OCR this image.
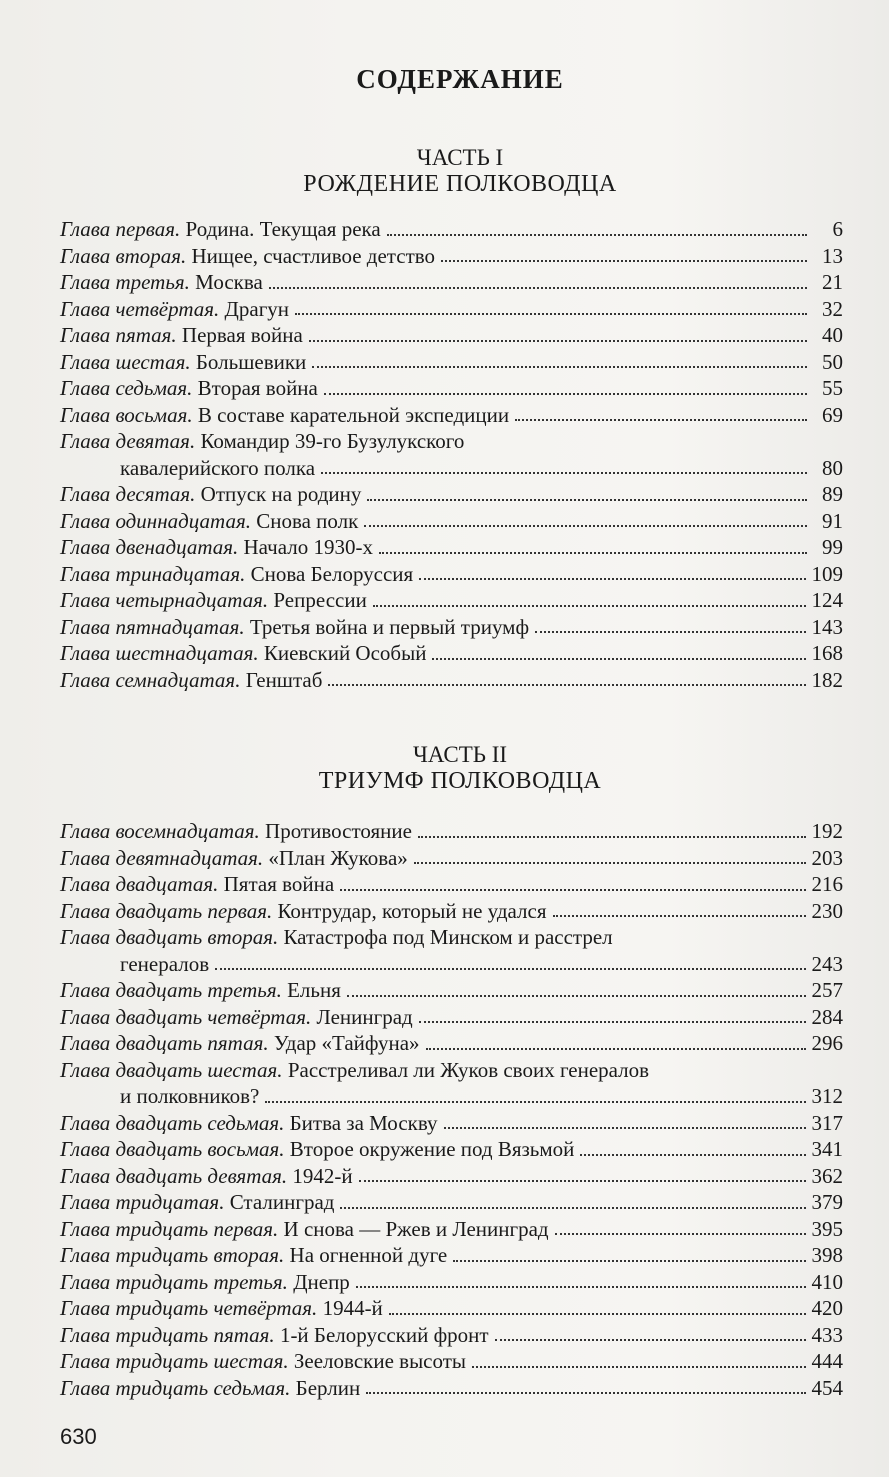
СОДЕРЖАНИЕ
ЧАСТЬ I
РОЖДЕНИЕ ПОЛКОВОДЦА
Глава первая. Родина. Текущая река	6
Глава вторая. Нищее, счастливое детство	13
Глава третья. Москва	21
Глава четвёртая. Драгун	32
Глава пятая. Первая война	40
Глава шестая. Большевики	50
Глава седьмая. Вторая война	55
Глава восьмая. В составе карательной экспедиции	69
Глава девятая. Командир 39-го Бузулукского
кавалерийского полка	80
Глава десятая. Отпуск на родину	89
Глава одиннадцатая. Снова полк	91
Глава двенадцатая. Начало 1930-х	99
Глава тринадцатая. Снова Белоруссия	109
Глава четырнадцатая. Репрессии	124
Глава пятнадцатая. Третья война и первый триумф	143
Глава шестнадцатая. Киевский Особый	168
Глава семнадцатая. Генштаб	182
ЧАСТЬ II
ТРИУМФ ПОЛКОВОДЦА
Глава восемнадцатая. Противостояние	192
Глава девятнадцатая. «План Жукова»	203
Глава двадцатая. Пятая война	216
Глава двадцать первая. Контрудар, который не удался	230
Глава двадцать вторая. Катастрофа под Минском и расстрел
генералов	243
Глава двадцать третья. Ельня	257
Глава двадцать четвёртая. Ленинград	284
Глава двадцать пятая. Удар «Тайфуна»	296
Глава двадцать шестая. Расстреливал ли Жуков своих генералов
и полковников?	312
Глава двадцать седьмая. Битва за Москву	317
Глава двадцать восьмая. Второе окружение под Вязьмой	341
Глава двадцать девятая. 1942-й	362
Глава тридцатая. Сталинград	379
Глава тридцать первая. И снова — Ржев и Ленинград	395
Глава тридцать вторая. На огненной дуге	398
Глава тридцать третья. Днепр	410
Глава тридцать четвёртая. 1944-й	420
Глава тридцать пятая. 1-й Белорусский фронт	433
Глава тридцать шестая. Зееловские высоты	444
Глава тридцать седьмая. Берлин	454
630
